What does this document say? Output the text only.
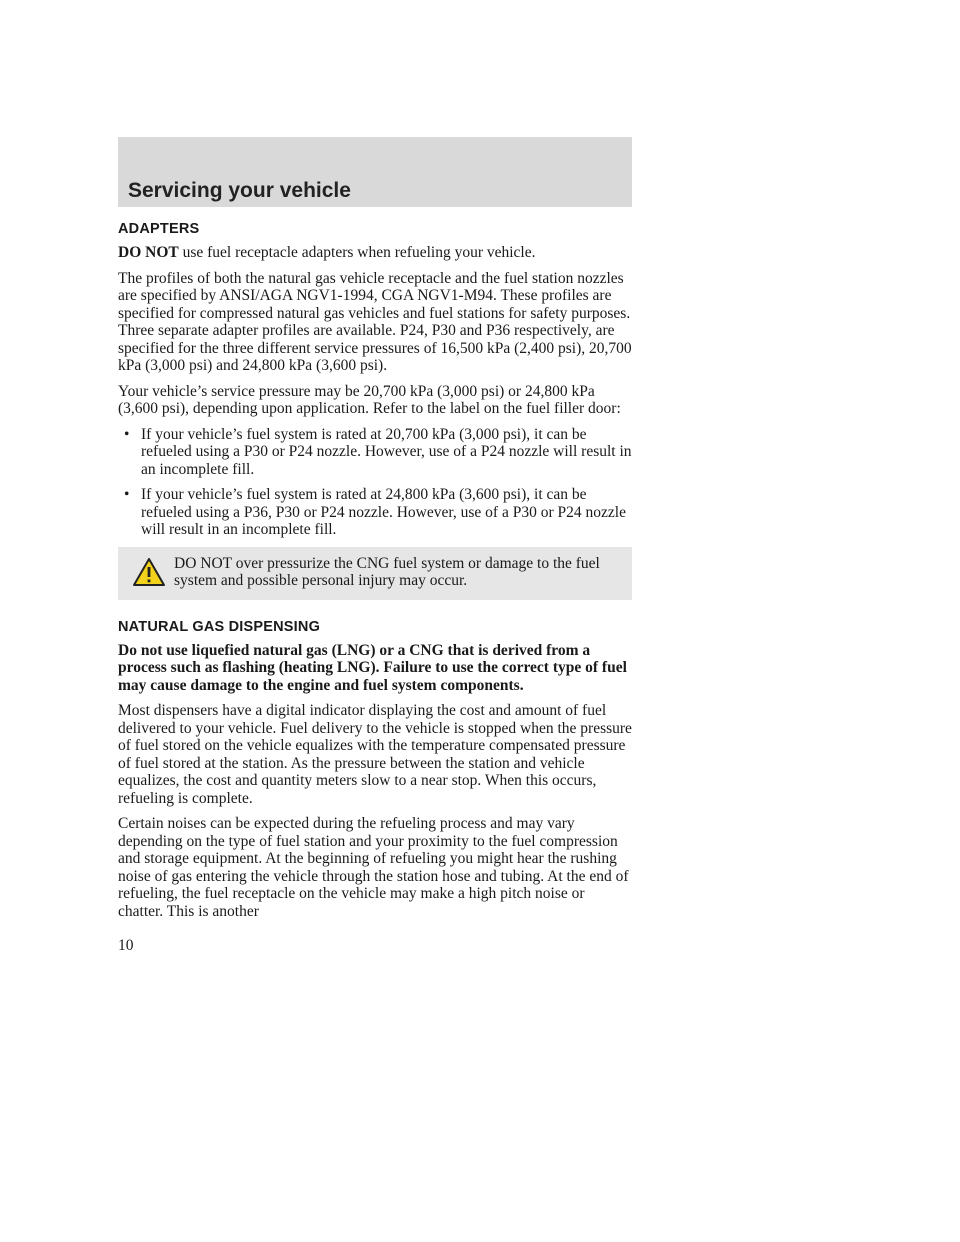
Servicing your vehicle
ADAPTERS

DO NOT use fuel receptacle adapters when refueling your vehicle.

The profiles of both the natural gas vehicle receptacle and the fuel station nozzles are specified by ANSI/AGA NGV1-1994, CGA NGV1-M94. These profiles are specified for compressed natural gas vehicles and fuel stations for safety purposes. Three separate adapter profiles are available. P24, P30 and P36 respectively, are specified for the three different service pressures of 16,500 kPa (2,400 psi), 20,700 kPa (3,000 psi) and 24,800 kPa (3,600 psi).

Your vehicle’s service pressure may be 20,700 kPa (3,000 psi) or 24,800 kPa (3,600 psi), depending upon application. Refer to the label on the fuel filler door:

• If your vehicle’s fuel system is rated at 20,700 kPa (3,000 psi), it can be refueled using a P30 or P24 nozzle. However, use of a P24 nozzle will result in an incomplete fill.
• If your vehicle’s fuel system is rated at 24,800 kPa (3,600 psi), it can be refueled using a P36, P30 or P24 nozzle. However, use of a P30 or P24 nozzle will result in an incomplete fill.
DO NOT over pressurize the CNG fuel system or damage to the fuel system and possible personal injury may occur.
NATURAL GAS DISPENSING

Do not use liquefied natural gas (LNG) or a CNG that is derived from a process such as flashing (heating LNG). Failure to use the correct type of fuel may cause damage to the engine and fuel system components.

Most dispensers have a digital indicator displaying the cost and amount of fuel delivered to your vehicle. Fuel delivery to the vehicle is stopped when the pressure of fuel stored on the vehicle equalizes with the temperature compensated pressure of fuel stored at the station. As the pressure between the station and vehicle equalizes, the cost and quantity meters slow to a near stop. When this occurs, refueling is complete.

Certain noises can be expected during the refueling process and may vary depending on the type of fuel station and your proximity to the fuel compression and storage equipment. At the beginning of refueling you might hear the rushing noise of gas entering the vehicle through the station hose and tubing. At the end of refueling, the fuel receptacle on the vehicle may make a high pitch noise or chatter. This is another

10
